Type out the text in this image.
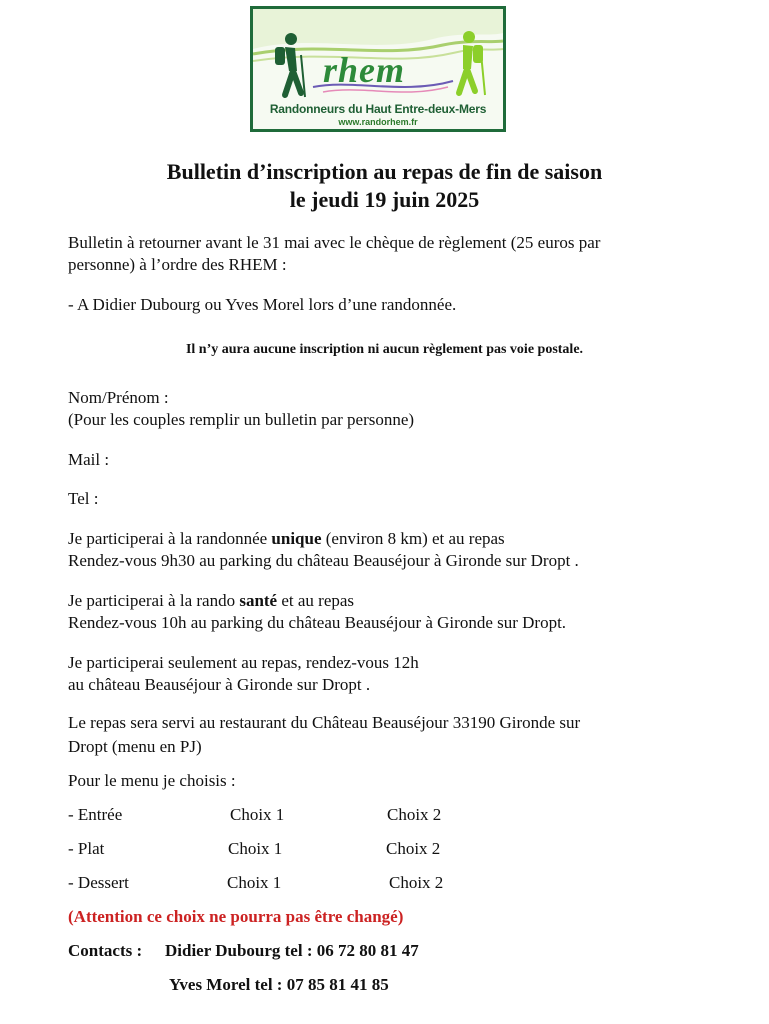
rhem
Randonneurs du Haut Entre-deux-Mers
www.randorhem.fr
Bulletin d’inscription au repas de fin de saison
le jeudi 19 juin 2025
Bulletin à retourner avant le 31 mai avec le chèque de règlement (25 euros par
personne) à l’ordre des RHEM :
- A Didier Dubourg ou Yves Morel lors d’une randonnée.
Il n’y aura aucune inscription ni aucun règlement pas voie postale.
Nom/Prénom :
(Pour les couples remplir un bulletin par personne)
Mail :
Tel :
Je participerai à la randonnée unique (environ 8 km) et au repas
Rendez-vous 9h30 au parking du château Beauséjour à Gironde sur Dropt .
Je participerai à la rando santé et au repas
Rendez-vous 10h au parking du château Beauséjour à Gironde sur Dropt.
Je participerai seulement au repas, rendez-vous 12h
au château Beauséjour à Gironde sur Dropt .
Le repas sera servi au restaurant du Château Beauséjour 33190 Gironde sur
Dropt (menu en PJ)
Pour le menu je choisis :
- Entrée	Choix 1	Choix 2
- Plat	Choix 1	Choix 2
- Dessert	Choix 1	Choix 2
(Attention ce choix ne pourra pas être changé)
Contacts : Didier Dubourg tel : 06 72 80 81 47
Yves Morel tel : 07 85 81 41 85
